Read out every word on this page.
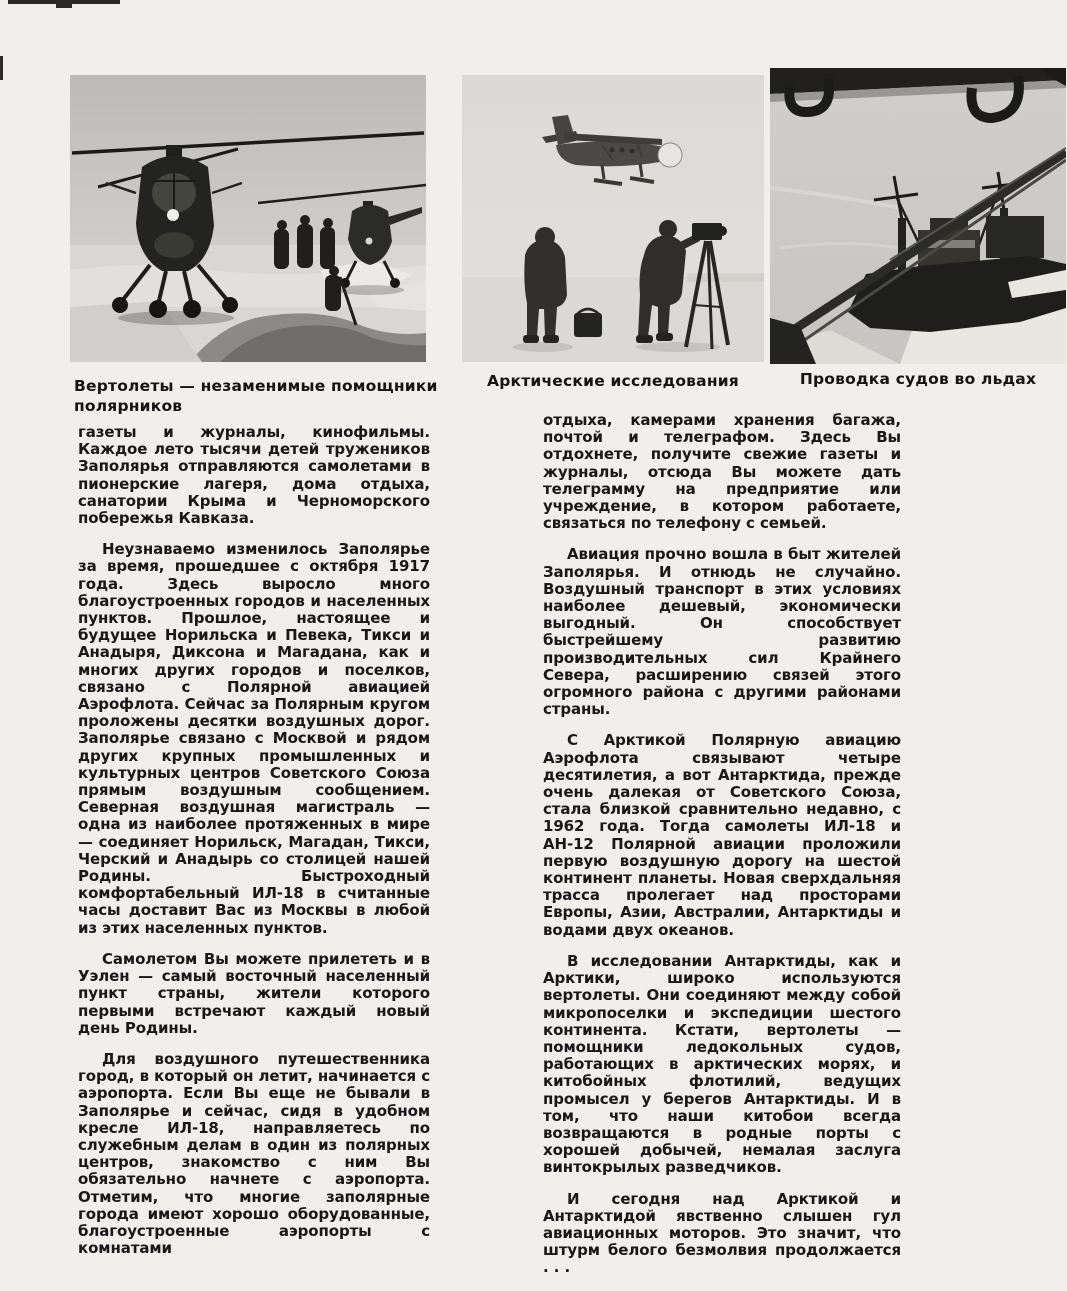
Вертолеты — незаменимые помощники полярников
Арктические исследования	Проводка судов во льдах

газеты и журналы, кинофильмы. Каждое лето тысячи детей тружеников Заполярья отправляются самолетами в пионерские лагеря, дома отдыха, санатории Крыма и Черноморского побережья Кавказа.

Неузнаваемо изменилось Заполярье за время, прошедшее с октября 1917 года. Здесь выросло много благоустроенных городов и населенных пунктов. Прошлое, настоящее и будущее Норильска и Певека, Тикси и Анадыря, Диксона и Магадана, как и многих других городов и поселков, связано с Полярной авиацией Аэрофлота. Сейчас за Полярным кругом проложены десятки воздушных дорог. Заполярье связано с Москвой и рядом других крупных промышленных и культурных центров Советского Союза прямым воздушным сообщением. Северная воздушная магистраль — одна из наиболее протяженных в мире — соединяет Норильск, Магадан, Тикси, Черский и Анадырь со столицей нашей Родины. Быстроходный комфортабельный ИЛ-18 в считанные часы доставит Вас из Москвы в любой из этих населенных пунктов.

Самолетом Вы можете прилететь и в Уэлен — самый восточный населенный пункт страны, жители которого первыми встречают каждый новый день Родины.

Для воздушного путешественника город, в который он летит, начинается с аэропорта. Если Вы еще не бывали в Заполярье и сейчас, сидя в удобном кресле ИЛ-18, направляетесь по служебным делам в один из полярных центров, знакомство с ним Вы обязательно начнете с аэропорта. Отметим, что многие заполярные города имеют хорошо оборудованные, благоустроенные аэропорты с комнатами

отдыха, камерами хранения багажа, почтой и телеграфом. Здесь Вы отдохнете, получите свежие газеты и журналы, отсюда Вы можете дать телеграмму на предприятие или учреждение, в котором работаете, связаться по телефону с семьей.

Авиация прочно вошла в быт жителей Заполярья. И отнюдь не случайно. Воздушный транспорт в этих условиях наиболее дешевый, экономически выгодный. Он способствует быстрейшему развитию производительных сил Крайнего Севера, расширению связей этого огромного района с другими районами страны.

С Арктикой Полярную авиацию Аэрофлота связывают четыре десятилетия, а вот Антарктида, прежде очень далекая от Советского Союза, стала близкой сравнительно недавно, с 1962 года. Тогда самолеты ИЛ-18 и АН-12 Полярной авиации проложили первую воздушную дорогу на шестой континент планеты. Новая сверхдальняя трасса пролегает над просторами Европы, Азии, Австралии, Антарктиды и водами двух океанов.

В исследовании Антарктиды, как и Арктики, широко используются вертолеты. Они соединяют между собой микропоселки и экспедиции шестого континента. Кстати, вертолеты — помощники ледокольных судов, работающих в арктических морях, и китобойных флотилий, ведущих промысел у берегов Антарктиды. И в том, что наши китобои всегда возвращаются в родные порты с хорошей добычей, немалая заслуга винтокрылых разведчиков.

И сегодня над Арктикой и Антарктидой явственно слышен гул авиационных моторов. Это значит, что штурм белого безмолвия продолжается . . .
